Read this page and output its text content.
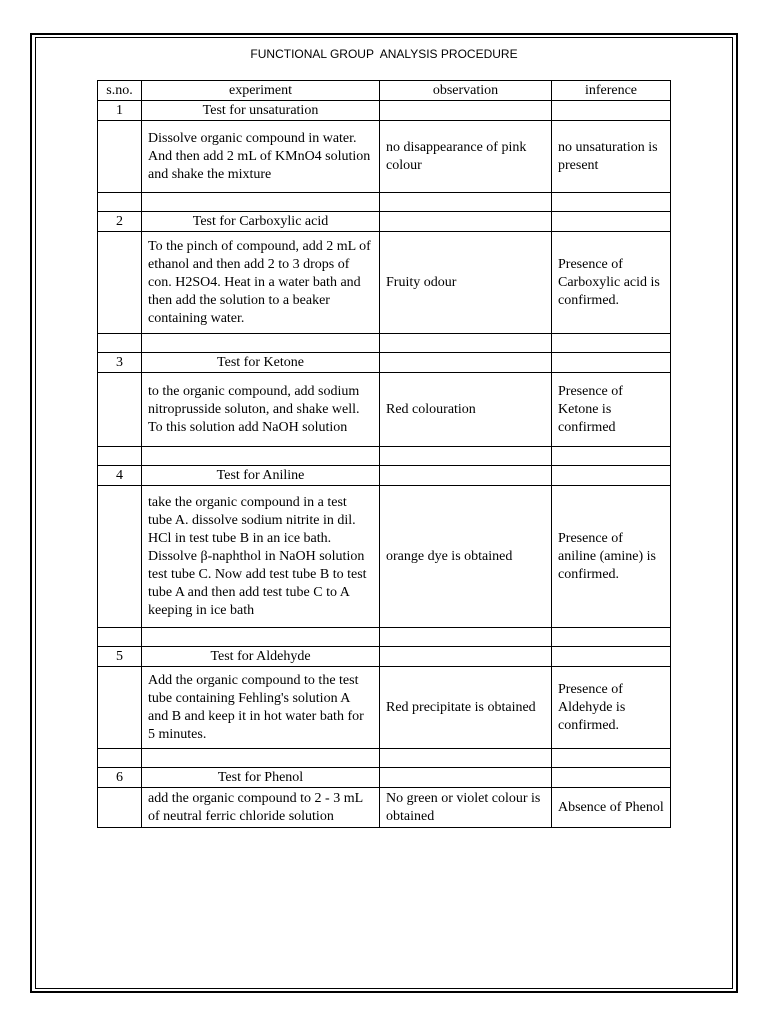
FUNCTIONAL GROUP  ANALYSIS PROCEDURE
s.no.	experiment	observation	inference
1	Test for unsaturation		
	Dissolve organic compound in water. And then add 2 mL of KMnO4 solution and shake the mixture	no disappearance of pink colour	no unsaturation is present

2	Test for Carboxylic acid		
	To the pinch of compound, add 2 mL of ethanol and then add 2 to 3 drops of con. H2SO4. Heat in a water bath and then add the solution to a beaker containing water.	Fruity odour	Presence of Carboxylic acid is confirmed.

3	Test for Ketone		
	to the organic compound, add sodium nitroprusside soluton, and shake well. To this solution add NaOH solution	Red colouration	Presence of Ketone is confirmed

4	Test for Aniline		
	take the organic compound in a test tube A. dissolve sodium nitrite in dil. HCl in test tube B in an ice bath. Dissolve β-naphthol in NaOH solution test tube C. Now add test tube B to test tube A and then add test tube C to A keeping in ice bath	orange dye is obtained	Presence of aniline (amine) is confirmed.

5	Test for Aldehyde		
	Add the organic compound to the test tube containing Fehling's solution A and B and keep it in hot water bath for 5 minutes.	Red precipitate is obtained	Presence of Aldehyde is confirmed.

6	Test for Phenol		
	add the organic compound to 2 - 3 mL of neutral ferric chloride solution	No green or violet colour is obtained	Absence of Phenol
